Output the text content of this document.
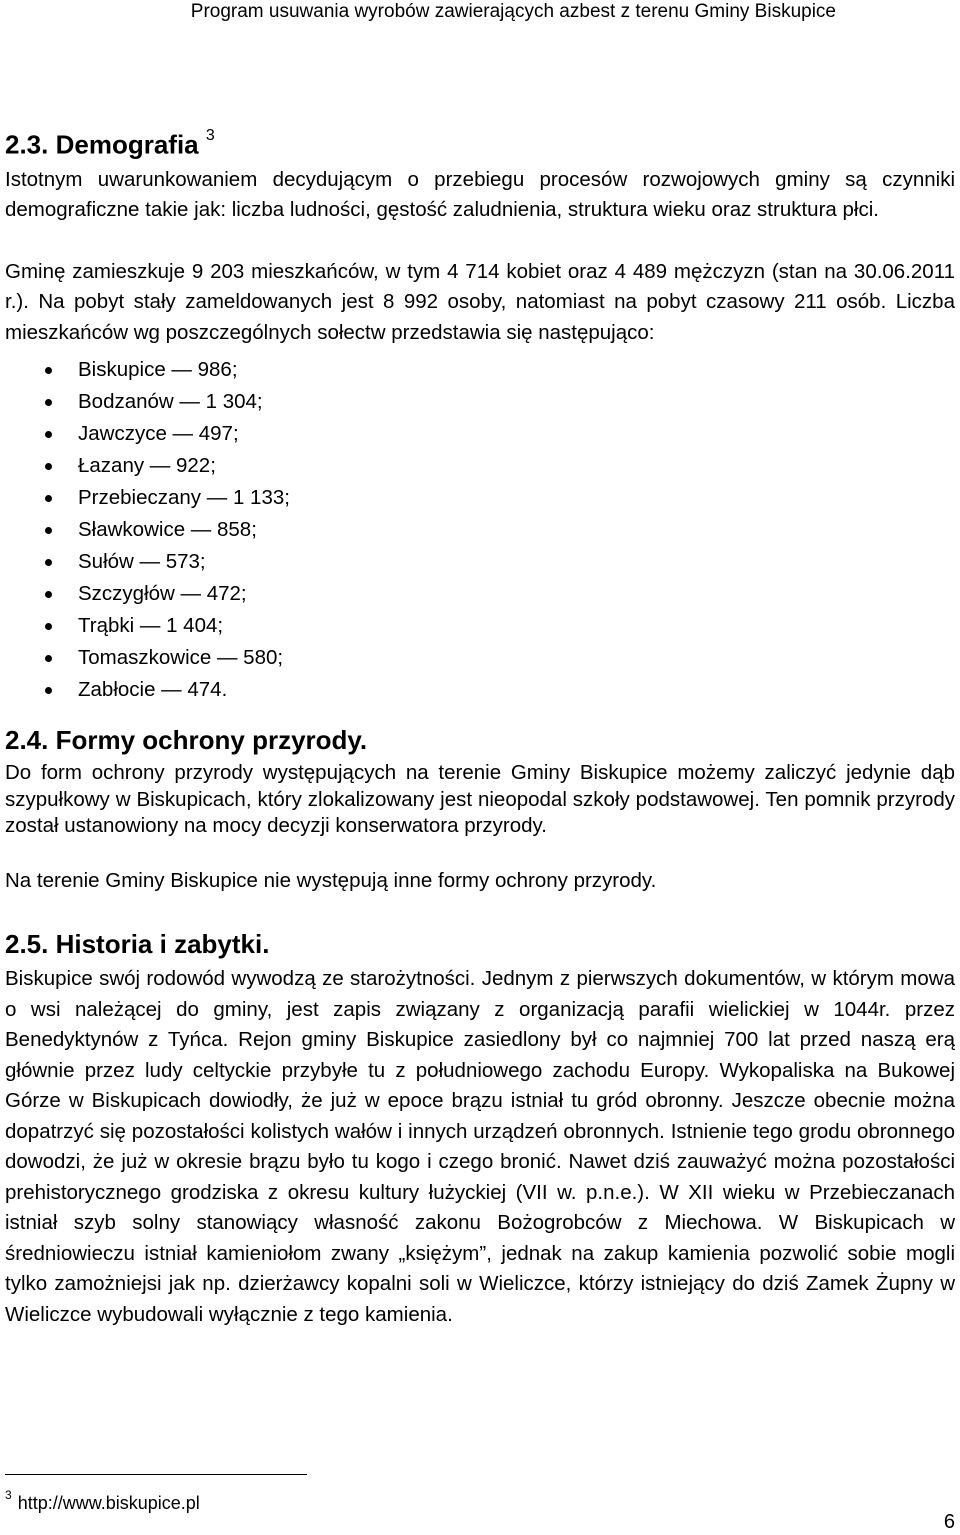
Program usuwania wyrobów zawierających azbest z terenu Gminy Biskupice
2.3. Demografia $^3$

Istotnym uwarunkowaniem decydującym o przebiegu procesów rozwojowych gminy są czynniki demograficzne takie jak: liczba ludności, gęstość zaludnienia, struktura wieku oraz struktura płci.

Gminę zamieszkuje 9 203 mieszkańców, w tym 4 714 kobiet oraz 4 489 mężczyzn (stan na 30.06.2011 r.). Na pobyt stały zameldowanych jest 8 992 osoby, natomiast na pobyt czasowy 211 osób. Liczba mieszkańców wg poszczególnych sołectw przedstawia się następująco:

Biskupice — 986;
Bodzanów — 1 304;
Jawczyce — 497;
Łazany — 922;
Przebieczany — 1 133;
Sławkowice — 858;
Sułów — 573;
Szczygłów — 472;
Trąbki — 1 404;
Tomaszkowice — 580;
Zabłocie — 474.
2.4. Formy ochrony przyrody.

Do form ochrony przyrody występujących na terenie Gminy Biskupice możemy zaliczyć jedynie dąb szypułkowy w Biskupicach, który zlokalizowany jest nieopodal szkoły podstawowej. Ten pomnik przyrody został ustanowiony na mocy decyzji konserwatora przyrody.

Na terenie Gminy Biskupice nie występują inne formy ochrony przyrody.

2.5. Historia i zabytki.

Biskupice swój rodowód wywodzą ze starożytności. Jednym z pierwszych dokumentów, w którym mowa o wsi należącej do gminy, jest zapis związany z organizacją parafii wielickiej w 1044r. przez Benedyktynów z Tyńca. Rejon gminy Biskupice zasiedlony był co najmniej 700 lat przed naszą erą głównie przez ludy celtyckie przybyłe tu z południowego zachodu Europy. Wykopaliska na Bukowej Górze w Biskupicach dowiodły, że już w epoce brązu istniał tu gród obronny. Jeszcze obecnie można dopatrzyć się pozostałości kolistych wałów i innych urządzeń obronnych. Istnienie tego grodu obronnego dowodzi, że już w okresie brązu było tu kogo i czego bronić. Nawet dziś zauważyć można pozostałości prehistorycznego grodziska z okresu kultury łużyckiej (VII w. p.n.e.). W XII wieku w Przebieczanach istniał szyb solny stanowiący własność zakonu Bożogrobców z Miechowa. W Biskupicach w średniowieczu istniał kamieniołom zwany „księżym”, jednak na zakup kamienia pozwolić sobie mogli tylko zamożniejsi jak np. dzierżawcy kopalni soli w Wieliczce, którzy istniejący do dziś Zamek Żupny w Wieliczce wybudowali wyłącznie z tego kamienia.

$^3$ http://www.biskupice.pl
6
